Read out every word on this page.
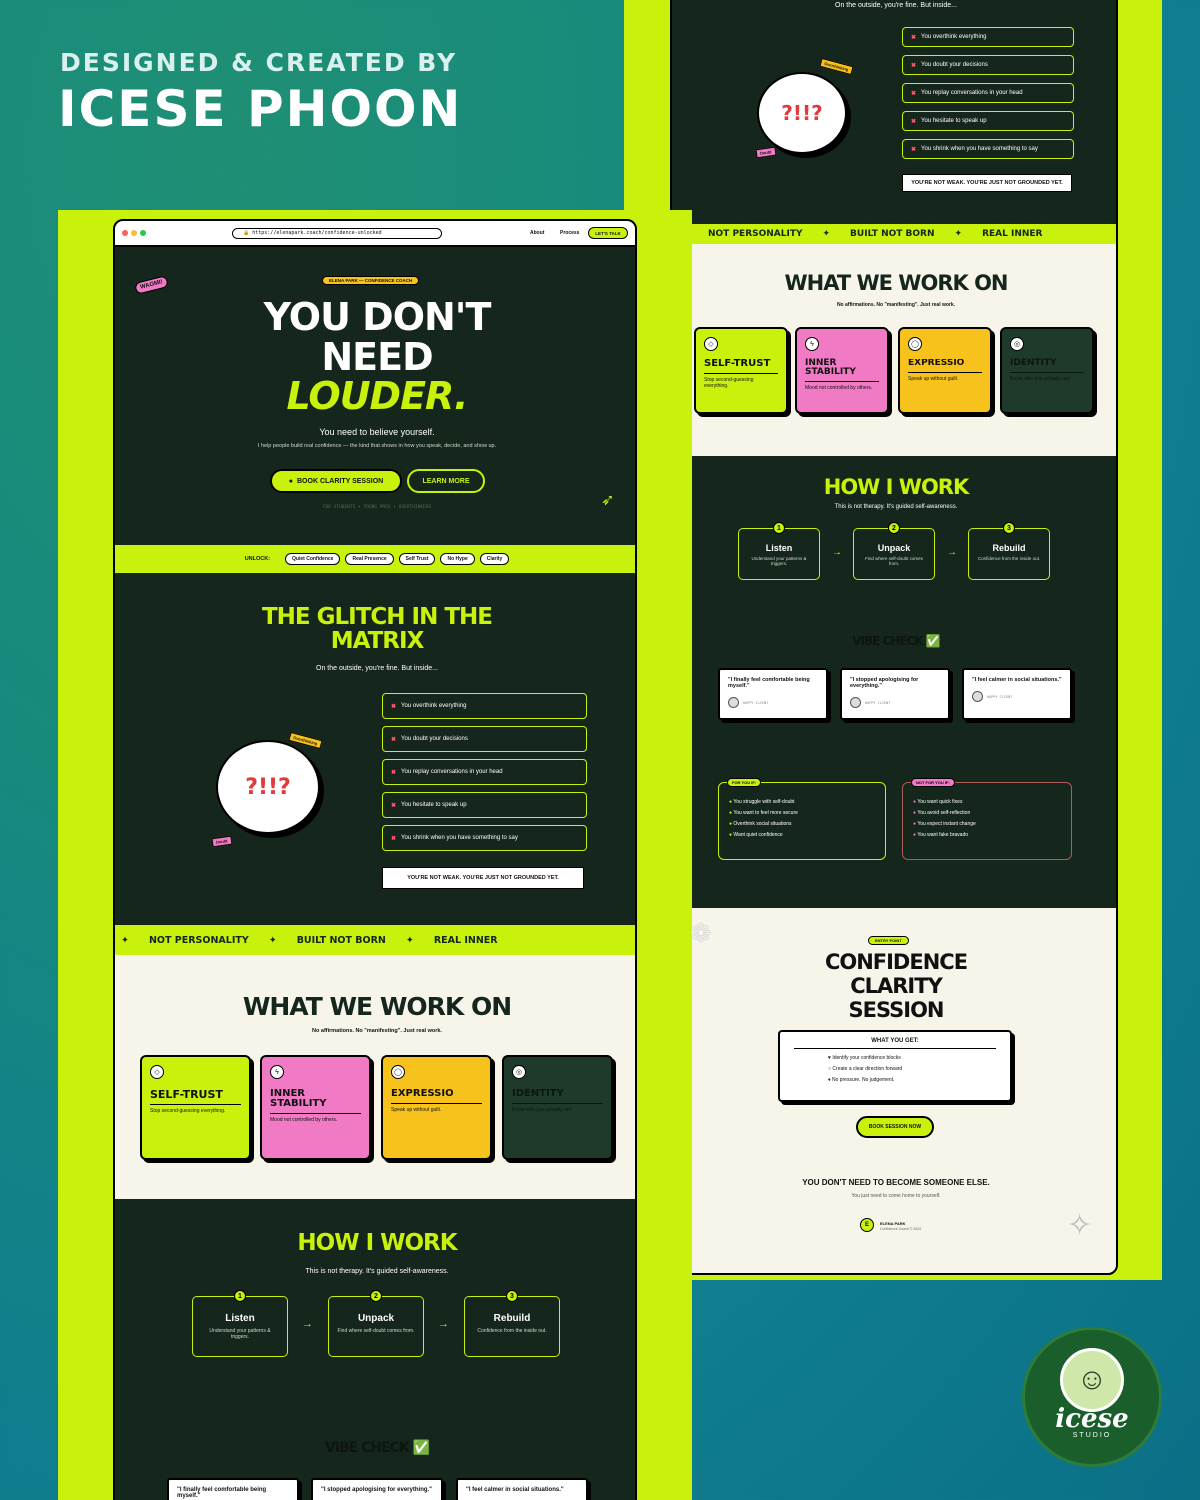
DESIGNED & CREATED BY
ICESE PHOON
On the outside, you're fine. But inside...
?!!?
Overthinking
Doubt
✖ You overthink everything
✖ You doubt your decisions
✖ You replay conversations in your head
✖ You hesitate to speak up
✖ You shrink when you have something to say
YOU'RE NOT WEAK. YOU'RE JUST NOT GROUNDED YET.
NOT PERSONALITY ✦ BUILT NOT BORN ✦ REAL INNER
WHAT WE WORK ON
No affirmations. No "manifesting". Just real work.
◇
SELF-TRUST
Stop second-guessing everything.
ϟ
INNER STABILITY
Mood not controlled by others.
◯
EXPRESSIO
Speak up without guilt.
◎
IDENTITY
Know who you actually are.
HOW I WORK
This is not therapy. It's guided self-awareness.
1
Listen
Understand your patterns & triggers.
→
2
Unpack
Find where self-doubt comes from.
→
3
Rebuild
Confidence from the inside out.
VIBE CHECK ✅
"I finally feel comfortable being myself."
HAPPY CLIENT
"I stopped apologising for everything."
HAPPY CLIENT
"I feel calmer in social situations."
HAPPY CLIENT
FOR YOU IF:
● You struggle with self-doubt
● You want to feel more secure
● Overthink social situations
● Want quiet confidence
NOT FOR YOU IF:
● You want quick fixes
● You avoid self-reflection
● You expect instant change
● You want fake bravado
ENTRY POINT
CONFIDENCE
CLARITY
SESSION
WHAT YOU GET:
♥ Identify your confidence blocks
○ Create a clear direction forward
♦ No pressure. No judgement.
BOOK SESSION NOW
YOU DON'T NEED TO BECOME SOMEONE ELSE.
You just need to come home to yourself.
E	ELENA PARK
Confidence Coach © 2024	✧
🔒 https://elenapark.coach/confidence-unlocked	About	Process	LET'S TALK
ELENA PARK — CONFIDENCE COACH
WAGMI!
YOU DON'T
NEED
LOUDER.
You need to believe yourself.
I help people build real confidence — the kind that shows in how you speak, decide, and show up.
● BOOK CLARITY SESSION	LEARN MORE
FOR STUDENTS • YOUNG PROS • OVERTHINKERS	➶
UNLOCK:	Quiet Confidence	Real Presence	Self Trust	No Hype	Clarity
THE GLITCH IN THE
MATRIX
On the outside, you're fine. But inside...
?!!?
Overthinking
Doubt
✖ You overthink everything
✖ You doubt your decisions
✖ You replay conversations in your head
✖ You hesitate to speak up
✖ You shrink when you have something to say
YOU'RE NOT WEAK. YOU'RE JUST NOT GROUNDED YET.
✦ NOT PERSONALITY ✦ BUILT NOT BORN ✦ REAL INNER
WHAT WE WORK ON
No affirmations. No "manifesting". Just real work.
◇
SELF-TRUST
Stop second-guessing everything.
ϟ
INNER STABILITY
Mood not controlled by others.
◯
EXPRESSIO
Speak up without guilt.
◎
IDENTITY
Know who you actually are.
HOW I WORK
This is not therapy. It's guided self-awareness.
1
Listen
Understand your patterns & triggers.
→
2
Unpack
Find where self-doubt comes from.
→
3
Rebuild
Confidence from the inside out.
VIBE CHECK ✅
"I finally feel comfortable being myself."
"I stopped apologising for everything."	"I feel calmer in social situations."
❁
☺
icese
STUDIO
